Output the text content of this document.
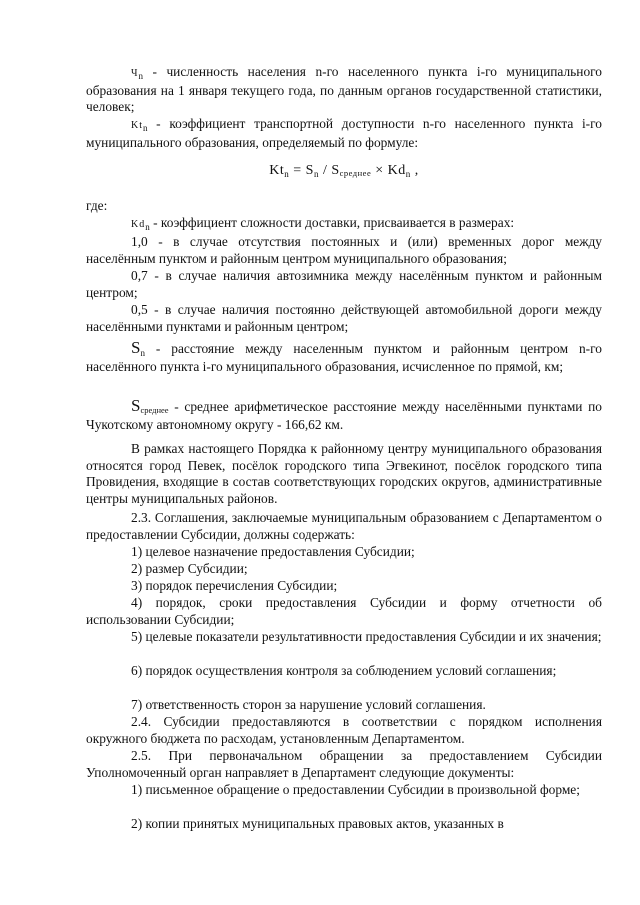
$Ч_n$ - численность населения n-го населенного пункта i-го муниципального образования на 1 января текущего года, по данным органов государственной статистики, человек;
$Kt_n$ - коэффициент транспортной доступности n-го населенного пункта i-го муниципального образования, определяемый по формуле:
$Kt_n = S_n$ / Sсреднее × $Kd_n$ ,
где:
$Kd_n$ - коэффициент сложности доставки, присваивается в размерах:
1,0 - в случае отсутствия постоянных и (или) временных дорог между населённым пунктом и районным центром муниципального образования;
0,7 - в случае наличия автозимника между населённым пунктом и районным центром;
0,5 - в случае наличия постоянно действующей автомобильной дороги между населёнными пунктами и районным центром;
$S_n$ - расстояние между населенным пунктом и районным центром n-го населённого пункта i-го муниципального образования, исчисленное по прямой, км;
Sсреднее - среднее арифметическое расстояние между населёнными пунктами по Чукотскому автономному округу - 166,62 км.
В рамках настоящего Порядка к районному центру муниципального образования относятся город Певек, посёлок городского типа Эгвекинот, посёлок городского типа Провидения, входящие в состав соответствующих городских округов, административные центры муниципальных районов.
2.3. Соглашения, заключаемые муниципальным образованием с Департаментом о предоставлении Субсидии, должны содержать:
1) целевое назначение предоставления Субсидии;
2) размер Субсидии;
3) порядок перечисления Субсидии;
4) порядок, сроки предоставления Субсидии и форму отчетности об использовании Субсидии;
5) целевые показатели результативности предоставления Субсидии и их значения;
6) порядок осуществления контроля за соблюдением условий соглашения;
7) ответственность сторон за нарушение условий соглашения.
2.4. Субсидии предоставляются в соответствии с порядком исполнения окружного бюджета по расходам, установленным Департаментом.
2.5. При первоначальном обращении за предоставлением Субсидии Уполномоченный орган направляет в Департамент следующие документы:
1) письменное обращение о предоставлении Субсидии в произвольной форме;
2) копии принятых муниципальных правовых актов, указанных в
